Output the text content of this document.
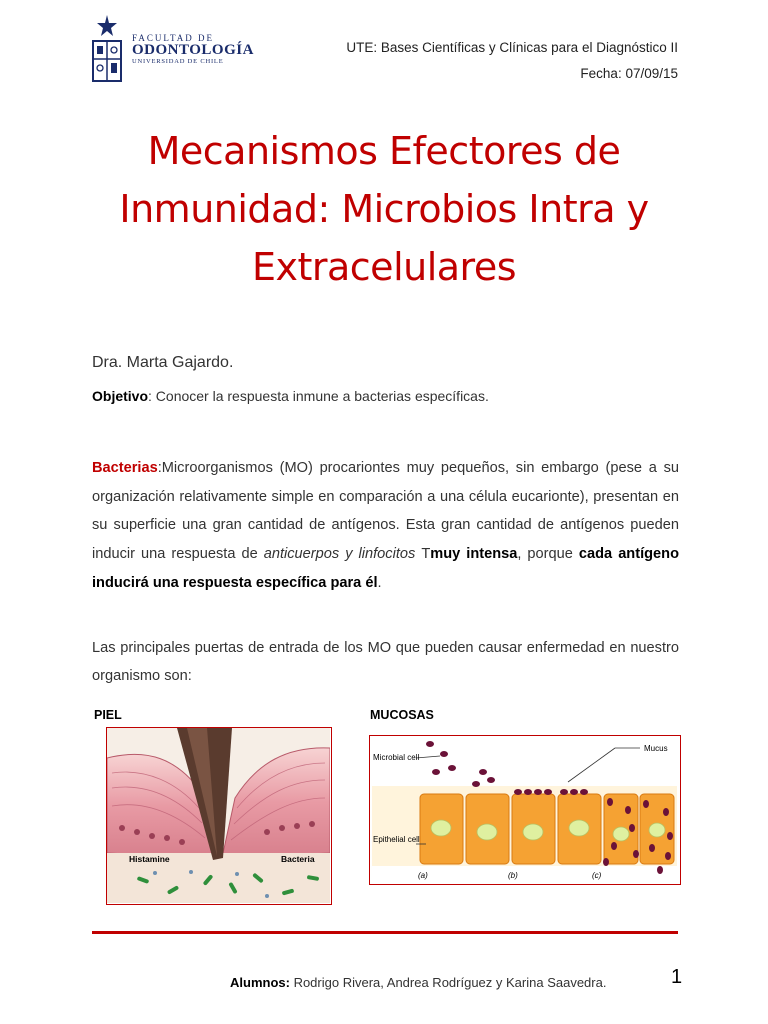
FACULTAD DE
ODONTOLOGÍA
UNIVERSIDAD DE CHILE
UTE: Bases Científicas y Clínicas para el Diagnóstico II
Fecha: 07/09/15
Mecanismos Efectores de
Inmunidad: Microbios Intra y
Extracelulares
Dra. Marta Gajardo.
Objetivo: Conocer la respuesta inmune a bacterias específicas.
Bacterias:Microorganismos (MO) procariontes muy pequeños, sin embargo (pese a su organización relativamente simple en comparación a una célula eucarionte), presentan en su superficie una gran cantidad de antígenos. Esta gran cantidad de antígenos pueden inducir una respuesta de anticuerpos y linfocitos Tmuy intensa, porque cada antígeno inducirá una respuesta específica para él.
Las principales puertas de entrada de los MO que pueden causar enfermedad en nuestro organismo son:
PIEL	MUCOSAS
Histamine	Bacteria
Microbial cell
Mucus
Epithelial cell
(a)	(b)	(c)
Alumnos: Rodrigo Rivera, Andrea Rodríguez y Karina Saavedra.	1
